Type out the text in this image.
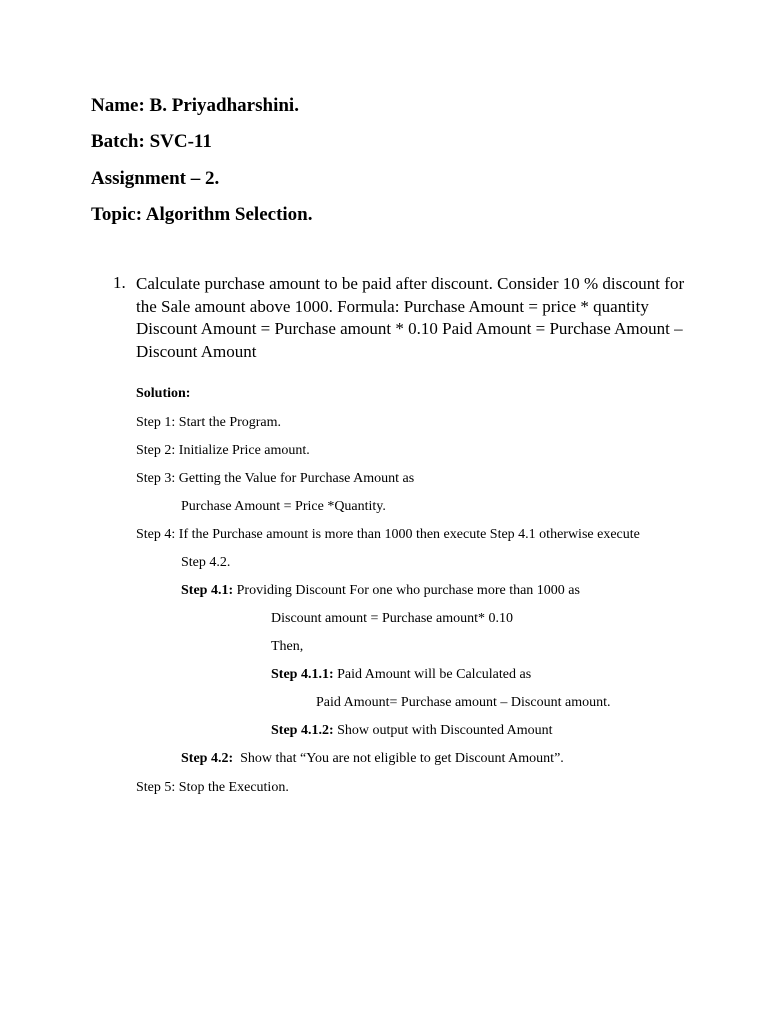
Name: B. Priyadharshini.

Batch: SVC-11

Assignment – 2.

Topic: Algorithm Selection.

1. Calculate purchase amount to be paid after discount. Consider 10 % discount for the Sale amount above 1000. Formula: Purchase Amount = price * quantity Discount Amount = Purchase amount * 0.10 Paid Amount = Purchase Amount – Discount Amount

Solution:

Step 1: Start the Program.

Step 2: Initialize Price amount.

Step 3: Getting the Value for Purchase Amount as

Purchase Amount = Price *Quantity.

Step 4: If the Purchase amount is more than 1000 then execute Step 4.1 otherwise execute

Step 4.2.

Step 4.1: Providing Discount For one who purchase more than 1000 as

Discount amount = Purchase amount* 0.10

Then,

Step 4.1.1: Paid Amount will be Calculated as

Paid Amount= Purchase amount – Discount amount.

Step 4.1.2: Show output with Discounted Amount

Step 4.2:  Show that “You are not eligible to get Discount Amount”.

Step 5: Stop the Execution.
